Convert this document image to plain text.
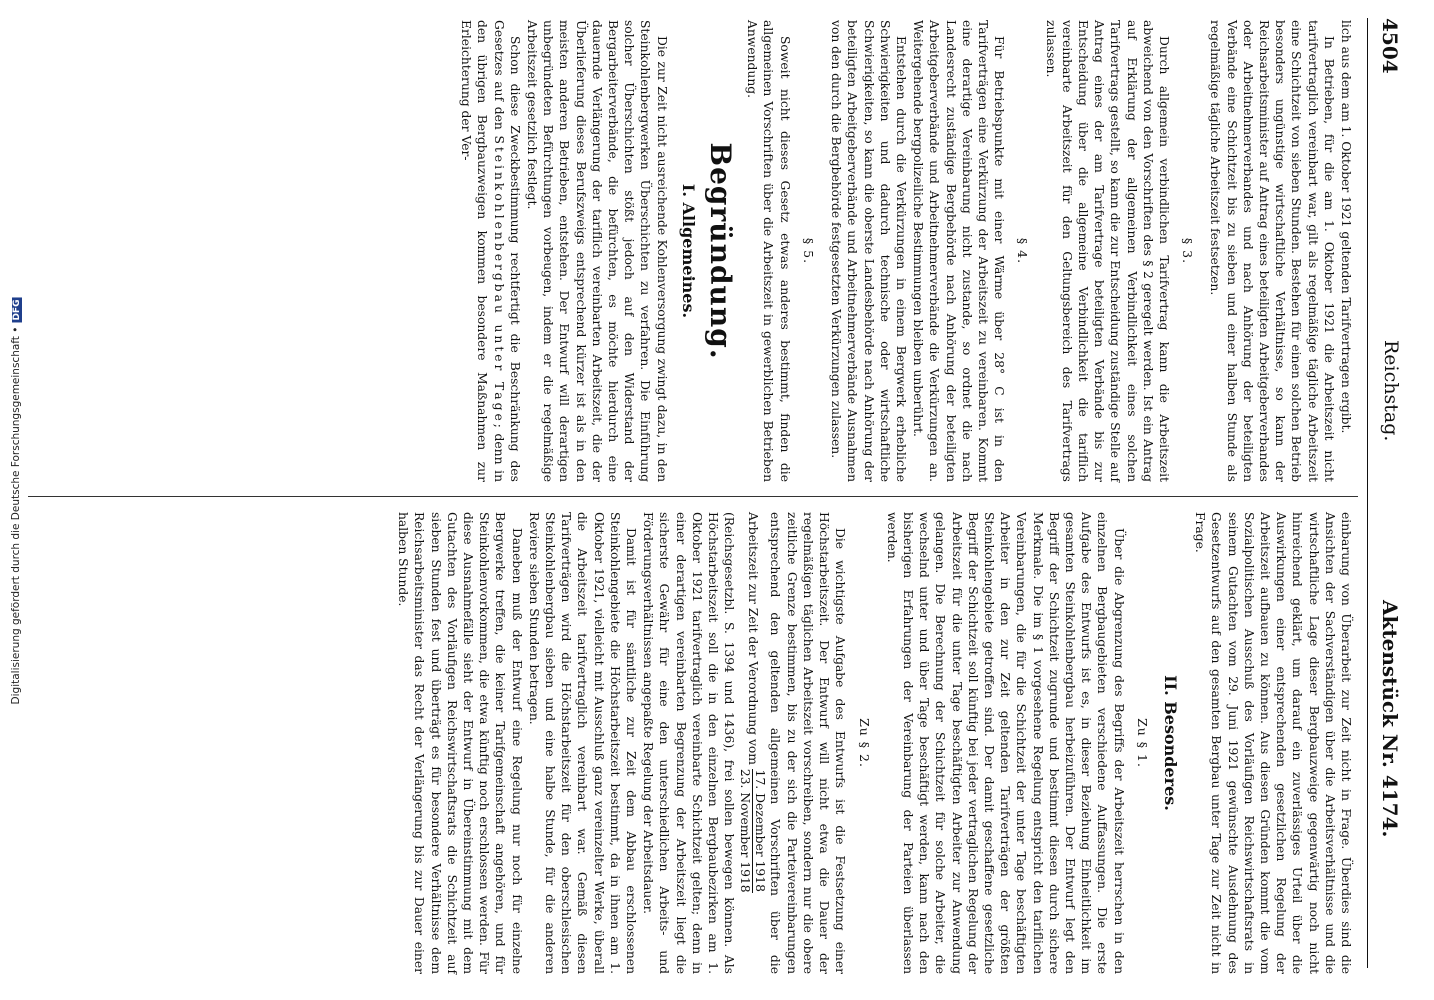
Digitalisierung gefördert durch die Deutsche Forschungsgemeinschaft •DFG
4504
Reichstag.
Aktenstück Nr. 4174.

lich aus dem am 1. Oktober 1921 geltenden Tarifvertragen ergibt.

In Betrieben, für die am 1. Oktober 1921 die Arbeitszeit nicht tarifvertraglich vereinbart war, gilt als regelmäßige tägliche Arbeitszeit eine Schichtzeit von sieben Stunden. Bestehen für einen solchen Betrieb besonders ungünstige wirtschaftliche Verhältnisse, so kann der Reichsarbeitsminister auf Antrag eines beteiligten Arbeitgeberverbandes oder Arbeitnehmerverbandes und nach Anhörung der beteiligten Verbände eine Schichtzeit bis zu sieben und einer halben Stunde als regelmäßige tägliche Arbeitszeit festsetzen.

§ 3.

Durch allgemein verbindlichen Tarifvertrag kann die Arbeitszeit abweichend von den Vorschriften des § 2 geregelt werden. Ist ein Antrag auf Erklärung der allgemeinen Verbindlichkeit eines solchen Tarifvertrags gestellt, so kann die zur Entscheidung zuständige Stelle auf Antrag eines der am Tarifvertrage beteiligten Verbände bis zur Entscheidung über die allgemeine Verbindlichkeit die tariflich vereinbarte Arbeitszeit für den Geltungsbereich des Tarifvertrags zulassen.

§ 4.

Für Betriebspunkte mit einer Wärme über 28° C ist in den Tarifverträgen eine Verkürzung der Arbeitszeit zu vereinbaren. Kommt eine derartige Vereinbarung nicht zustande, so ordnet die nach Landesrecht zuständige Bergbehörde nach Anhörung der beteiligten Arbeitgeberverbände und Arbeitnehmerverbände die Verkürzungen an. Weitergehende bergpolizeiliche Bestimmungen bleiben unberührt.

Entstehen durch die Verkürzungen in einem Bergwerk erhebliche Schwierigkeiten und dadurch technische oder wirtschaftliche Schwierigkeiten, so kann die oberste Landesbehörde nach Anhörung der beteiligten Arbeitgeberverbände und Arbeitnehmerverbände Ausnahmen von den durch die Bergbehörde festgesetzten Verkürzungen zulassen.

§ 5.

Soweit nicht dieses Gesetz etwas anderes bestimmt, finden die allgemeinen Vorschriften über die Arbeitszeit in gewerblichen Betrieben Anwendung.

Begründung.
I. Allgemeines.

Die zur Zeit nicht ausreichende Kohlenversorgung zwingt dazu, in den Steinkohlenbergwerken Überschichten zu verfahren. Die Einführung solcher Überschichten stößt jedoch auf den Widerstand der Bergarbeiterverbände, die befürchten, es möchte hierdurch eine dauernde Verlängerung der tariflich vereinbarten Arbeitszeit, die der Überlieferung dieses Berufszweigs entsprechend kürzer ist als in den meisten anderen Betrieben, entstehen. Der Entwurf will derartigen unbegründeten Befürchtungen vorbeugen, indem er die regelmäßige Arbeitszeit gesetzlich festlegt.

Schon diese Zweckbestimmung rechtfertigt die Beschränkung des Gesetzes auf den Steinkohlenbergbau unter Tage; denn in den übrigen Bergbauzweigen kommen besondere Maßnahmen zur Erleichterung der Ver-

einbarung von Überarbeit zur Zeit nicht in Frage. Überdies sind die Ansichten der Sachverständigen über die Arbeitsverhältnisse und die wirtschaftliche Lage dieser Bergbauzweige gegenwärtig noch nicht hinreichend geklärt, um darauf ein zuverlässiges Urteil über die Auswirkungen einer entsprechenden gesetzlichen Regelung der Arbeitszeit aufbauen zu können. Aus diesen Gründen kommt die vom Sozialpolitischen Ausschuß des Vorläufigen Reichswirtschaftsrats in seinem Gutachten vom 29. Juni 1921 gewünschte Ausdehnung des Gesetzentwurfs auf den gesamten Bergbau unter Tage zur Zeit nicht in Frage.

II. Besonderes.
Zu § 1.

Über die Abgrenzung des Begriffs der Arbeitszeit herrschen in den einzelnen Bergbaugebieten verschiedene Auffassungen. Die erste Aufgabe des Entwurfs ist es, in dieser Beziehung Einheitlichkeit im gesamten Steinkohlenbergbau herbeizuführen. Der Entwurf legt den Begriff der Schichtzeit zugrunde und bestimmt diesen durch sichere Merkmale. Die im § 1 vorgesehene Regelung entspricht den tariflichen Vereinbarungen, die für die Schichtzeit der unter Tage beschäftigten Arbeiter in den zur Zeit geltenden Tarifverträgen der größten Steinkohlengebiete getroffen sind. Der damit geschaffene gesetzliche Begriff der Schichtzeit soll künftig bei jeder vertraglichen Regelung der Arbeitszeit für die unter Tage beschäftigten Arbeiter zur Anwendung gelangen. Die Berechnung der Schichtzeit für solche Arbeiter, die wechselnd unter und über Tage beschäftigt werden, kann nach den bisherigen Erfahrungen der Vereinbarung der Parteien überlassen werden.

Zu § 2.

Die wichtigste Aufgabe des Entwurfs ist die Festsetzung einer Höchstarbeitszeit. Der Entwurf will nicht etwa die Dauer der regelmäßigen täglichen Arbeitszeit vorschreiben, sondern nur die obere zeitliche Grenze bestimmen, bis zu der sich die Parteivereinbarungen entsprechend den geltenden allgemeinen Vorschriften über die Arbeitszeit zur Zeit der Verordnung vom
17. Dezember 1918
23. November 1918

(Reichsgesetzbl. S. 1394 und 1436), frei sollen bewegen können. Als Höchstarbeitszeit soll die in den einzelnen Bergbaubezirken am 1. Oktober 1921 tarifvertraglich vereinbarte Schichtzeit gelten; denn in einer derartigen vereinbarten Begrenzung der Arbeitszeit liegt die sicherste Gewähr für eine den unterschiedlichen Arbeits- und Förderungsverhältnissen angepaßte Regelung der Arbeitsdauer.

Damit ist für sämtliche zur Zeit dem Abbau erschlossenen Steinkohlengebiete die Höchstarbeitszeit bestimmt, da in ihnen am 1. Oktober 1921, vielleicht mit Ausschluß ganz vereinzelter Werke, überall die Arbeitszeit tarifvertraglich vereinbart war. Gemäß diesen Tarifverträgen wird die Höchstarbeitszeit für den oberschlesischen Steinkohlenbergbau sieben und eine halbe Stunde, für die anderen Reviere sieben Stunden betragen.

Daneben muß der Entwurf eine Regelung nur noch für einzelne Bergwerke treffen, die keiner Tarifgemeinschaft angehören, und für Steinkohlenvorkommen, die etwa künftig noch erschlossen werden. Für diese Ausnahmefälle sieht der Entwurf in Übereinstimmung mit dem Gutachten des Vorläufigen Reichswirtschaftsrats die Schichtzeit auf sieben Stunden fest und überträgt es für besondere Verhältnisse dem Reichsarbeitsminister das Recht der Verlängerung bis zur Dauer einer halben Stunde.
